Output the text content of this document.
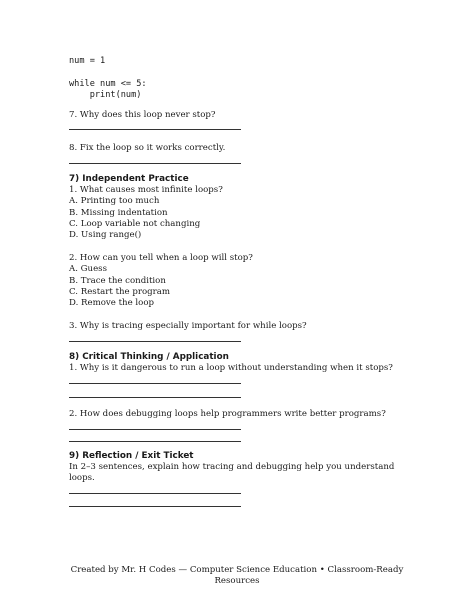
num = 1
while num <= 5:
print(num)
7. Why does this loop never stop?
8. Fix the loop so it works correctly.
7) Independent Practice
1. What causes most infinite loops?
A. Printing too much
B. Missing indentation
C. Loop variable not changing
D. Using range()
2. How can you tell when a loop will stop?
A. Guess
B. Trace the condition
C. Restart the program
D. Remove the loop
3. Why is tracing especially important for while loops?
8) Critical Thinking / Application
1. Why is it dangerous to run a loop without understanding when it stops?
2. How does debugging loops help programmers write better programs?
9) Reflection / Exit Ticket
In 2–3 sentences, explain how tracing and debugging help you understand
loops.
Created by Mr. H Codes — Computer Science Education • Classroom-Ready
Resources
